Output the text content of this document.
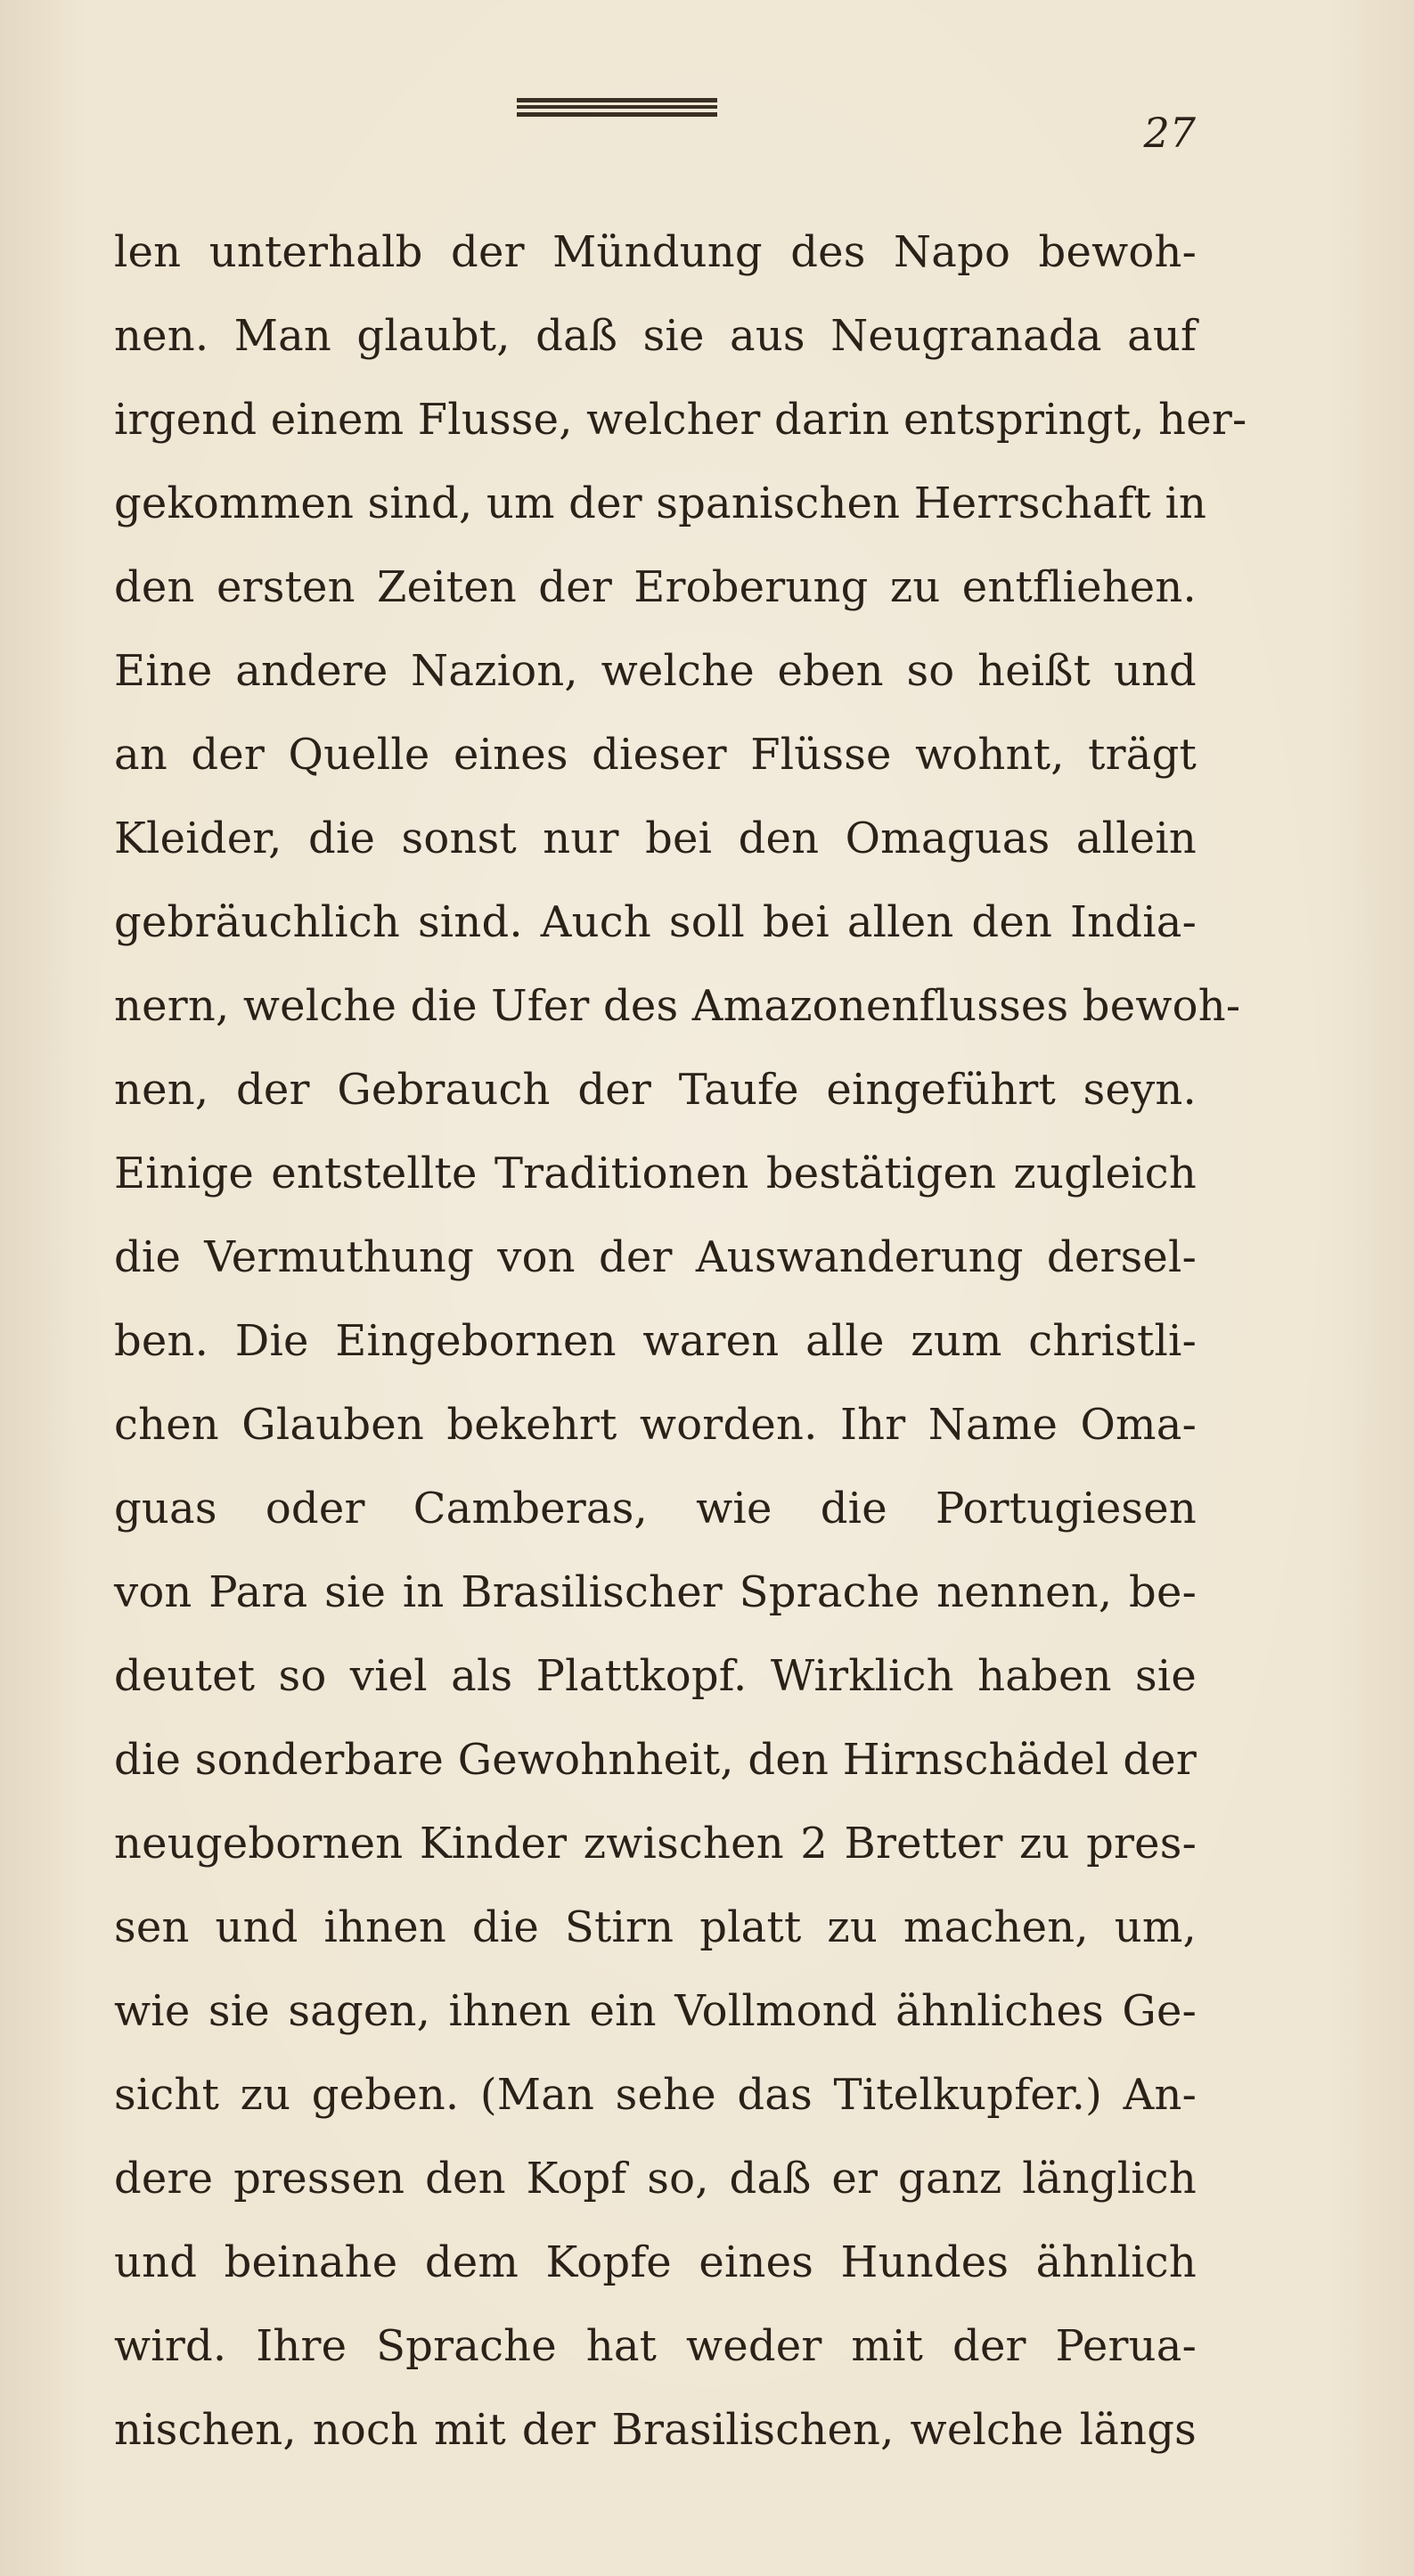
27
len unterhalb der Mündung des Napo bewoh-
nen. Man glaubt, daß sie aus Neugranada auf
irgend einem Flusse, welcher darin entspringt, her-
gekommen sind, um der spanischen Herrschaft in
den ersten Zeiten der Eroberung zu entfliehen.
Eine andere Nazion, welche eben so heißt und
an der Quelle eines dieser Flüsse wohnt, trägt
Kleider, die sonst nur bei den Omaguas allein
gebräuchlich sind. Auch soll bei allen den India-
nern, welche die Ufer des Amazonenflusses bewoh-
nen, der Gebrauch der Taufe eingeführt seyn.
Einige entstellte Traditionen bestätigen zugleich
die Vermuthung von der Auswanderung dersel-
ben. Die Eingebornen waren alle zum christli-
chen Glauben bekehrt worden. Ihr Name Oma-
guas oder Camberas, wie die Portugiesen
von Para sie in Brasilischer Sprache nennen, be-
deutet so viel als Plattkopf. Wirklich haben sie
die sonderbare Gewohnheit, den Hirnschädel der
neugebornen Kinder zwischen 2 Bretter zu pres-
sen und ihnen die Stirn platt zu machen, um,
wie sie sagen, ihnen ein Vollmond ähnliches Ge-
sicht zu geben. (Man sehe das Titelkupfer.) An-
dere pressen den Kopf so, daß er ganz länglich
und beinahe dem Kopfe eines Hundes ähnlich
wird. Ihre Sprache hat weder mit der Perua-
nischen, noch mit der Brasilischen, welche längs
